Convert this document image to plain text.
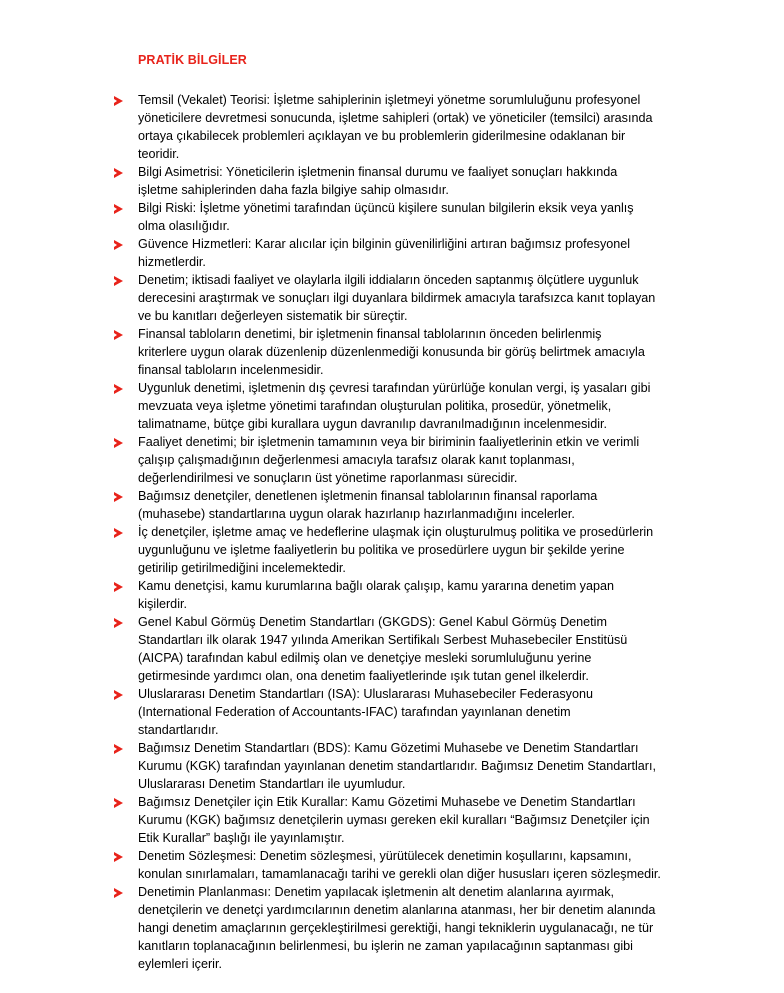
PRATİK BİLGİLER
Temsil (Vekalet) Teorisi: İşletme sahiplerinin işletmeyi yönetme sorumluluğunu profesyonel
yöneticilere devretmesi sonucunda, işletme sahipleri (ortak) ve yöneticiler (temsilci) arasında
ortaya çıkabilecek problemleri açıklayan ve bu problemlerin giderilmesine odaklanan bir
teoridir.
Bilgi Asimetrisi: Yöneticilerin işletmenin finansal durumu ve faaliyet sonuçları hakkında
işletme sahiplerinden daha fazla bilgiye sahip olmasıdır.
Bilgi Riski: İşletme yönetimi tarafından üçüncü kişilere sunulan bilgilerin eksik veya yanlış
olma olasılığıdır.
Güvence Hizmetleri: Karar alıcılar için bilginin güvenilirliğini artıran bağımsız profesyonel
hizmetlerdir.
Denetim; iktisadi faaliyet ve olaylarla ilgili iddiaların önceden saptanmış ölçütlere uygunluk
derecesini araştırmak ve sonuçları ilgi duyanlara bildirmek amacıyla tarafsızca kanıt toplayan
ve bu kanıtları değerleyen sistematik bir süreçtir.
Finansal tabloların denetimi, bir işletmenin finansal tablolarının önceden belirlenmiş
kriterlere uygun olarak düzenlenip düzenlenmediği konusunda bir görüş belirtmek amacıyla
finansal tabloların incelenmesidir.
Uygunluk denetimi, işletmenin dış çevresi tarafından yürürlüğe konulan vergi, iş yasaları gibi
mevzuata veya işletme yönetimi tarafından oluşturulan politika, prosedür, yönetmelik,
talimatname, bütçe gibi kurallara uygun davranılıp davranılmadığının incelenmesidir.
Faaliyet denetimi; bir işletmenin tamamının veya bir biriminin faaliyetlerinin etkin ve verimli
çalışıp çalışmadığının değerlenmesi amacıyla tarafsız olarak kanıt toplanması,
değerlendirilmesi ve sonuçların üst yönetime raporlanması sürecidir.
Bağımsız denetçiler, denetlenen işletmenin finansal tablolarının finansal raporlama
(muhasebe) standartlarına uygun olarak hazırlanıp hazırlanmadığını incelerler.
İç denetçiler, işletme amaç ve hedeflerine ulaşmak için oluşturulmuş politika ve prosedürlerin
uygunluğunu ve işletme faaliyetlerin bu politika ve prosedürlere uygun bir şekilde yerine
getirilip getirilmediğini incelemektedir.
Kamu denetçisi, kamu kurumlarına bağlı olarak çalışıp, kamu yararına denetim yapan
kişilerdir.
Genel Kabul Görmüş Denetim Standartları (GKGDS): Genel Kabul Görmüş Denetim
Standartları ilk olarak 1947 yılında Amerikan Sertifikalı Serbest Muhasebeciler Enstitüsü
(AICPA) tarafından kabul edilmiş olan ve denetçiye mesleki sorumluluğunu yerine
getirmesinde yardımcı olan, ona denetim faaliyetlerinde ışık tutan genel ilkelerdir.
Uluslararası Denetim Standartları (ISA): Uluslararası Muhasebeciler Federasyonu
(International Federation of Accountants-IFAC) tarafından yayınlanan denetim
standartlarıdır.
Bağımsız Denetim Standartları (BDS): Kamu Gözetimi Muhasebe ve Denetim Standartları
Kurumu (KGK) tarafından yayınlanan denetim standartlarıdır. Bağımsız Denetim Standartları,
Uluslararası Denetim Standartları ile uyumludur.
Bağımsız Denetçiler için Etik Kurallar: Kamu Gözetimi Muhasebe ve Denetim Standartları
Kurumu (KGK) bağımsız denetçilerin uyması gereken ekil kuralları “Bağımsız Denetçiler için
Etik Kurallar” başlığı ile yayınlamıştır.
Denetim Sözleşmesi: Denetim sözleşmesi, yürütülecek denetimin koşullarını, kapsamını,
konulan sınırlamaları, tamamlanacağı tarihi ve gerekli olan diğer hususları içeren sözleşmedir.
Denetimin Planlanması: Denetim yapılacak işletmenin alt denetim alanlarına ayırmak,
denetçilerin ve denetçi yardımcılarının denetim alanlarına atanması, her bir denetim alanında
hangi denetim amaçlarının gerçekleştirilmesi gerektiği, hangi tekniklerin uygulanacağı, ne tür
kanıtların toplanacağının belirlenmesi, bu işlerin ne zaman yapılacağının saptanması gibi
eylemleri içerir.
